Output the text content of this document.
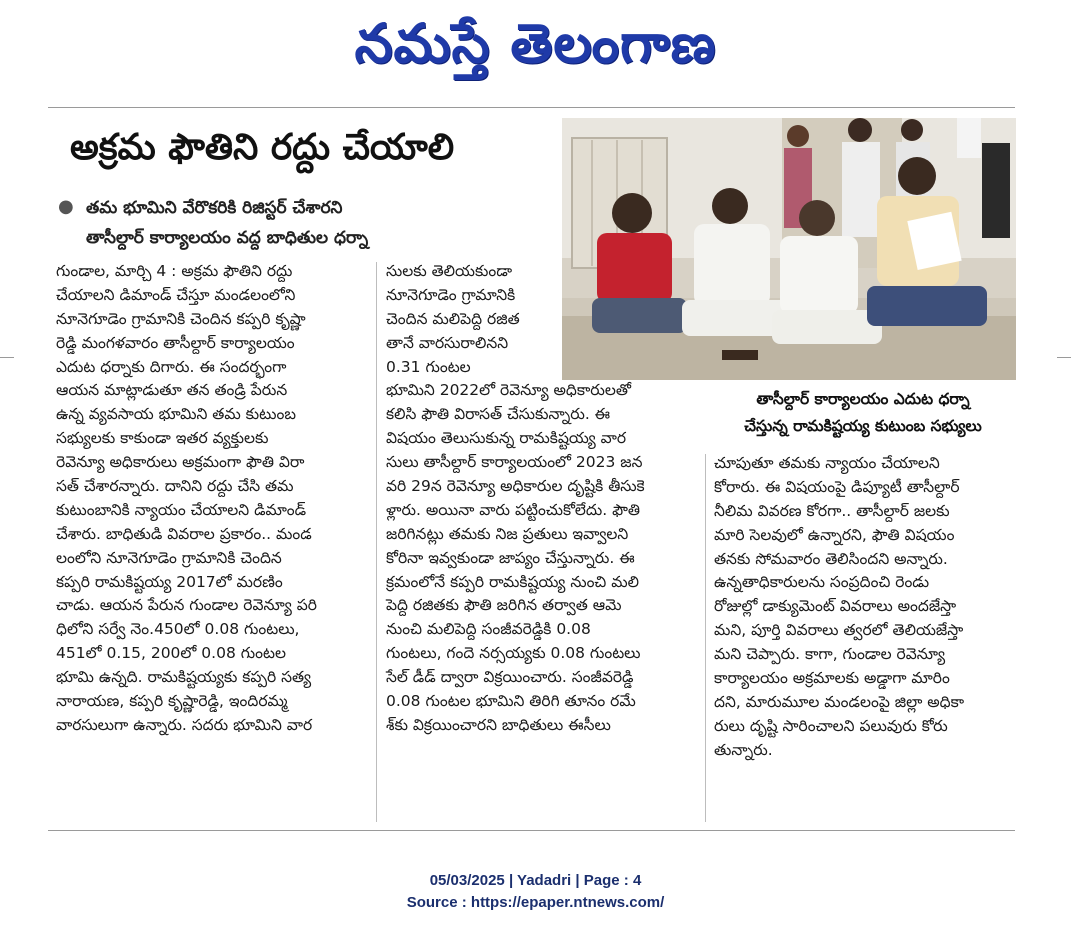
నమస్తే తెలంగాణ
అక్రమ ఫౌతిని రద్దు చేయాలి
● తమ భూమిని వేరొకరికి రిజిస్టర్ చేశారని
తాసీల్దార్ కార్యాలయం వద్ద బాధితుల ధర్నా
తాసీల్దార్ కార్యాలయం ఎదుట ధర్నా
చేస్తున్న రామకిష్టయ్య కుటుంబ సభ్యులు
గుండాల, మార్చి 4 : అక్రమ ఫౌతిని రద్దు
చేయాలని డిమాండ్ చేస్తూ మండలంలోని
నూనెగూడెం గ్రామానికి చెందిన కప్పరి కృష్ణా
రెడ్డి మంగళవారం తాసీల్దార్ కార్యాలయం
ఎదుట ధర్నాకు దిగారు. ఈ సందర్భంగా
ఆయన మాట్లాడుతూ తన తండ్రి పేరున
ఉన్న వ్యవసాయ భూమిని తమ కుటుంబ
సభ్యులకు కాకుండా ఇతర వ్యక్తులకు
రెవెన్యూ అధికారులు అక్రమంగా ఫౌతి విరా
సత్ చేశారన్నారు. దానిని రద్దు చేసి తమ
కుటుంబానికి న్యాయం చేయాలని డిమాండ్
చేశారు. బాధితుడి వివరాల ప్రకారం.. మండ
లంలోని నూనెగూడెం గ్రామానికి చెందిన
కప్పరి రామకిష్టయ్య 2017లో మరణిం
చాడు. ఆయన పేరున గుండాల రెవెన్యూ పరి
ధిలోని సర్వే నెం.450లో 0.08 గుంటలు,
451లో 0.15, 200లో 0.08 గుంటల
భూమి ఉన్నది. రామకిష్టయ్యకు కప్పరి సత్య
నారాయణ, కప్పరి కృష్ణారెడ్డి, ఇందిరమ్మ
వారసులుగా ఉన్నారు. సదరు భూమిని వార
సులకు తెలియకుండా
నూనెగూడెం గ్రామానికి
చెందిన మలిపెద్ది రజిత
తానే వారసురాలినని
0.31 గుంటల
భూమిని 2022లో రెవెన్యూ అధికారులతో
కలిసి ఫౌతి విరాసత్ చేసుకున్నారు. ఈ
విషయం తెలుసుకున్న రామకిష్టయ్య వార
సులు తాసీల్దార్ కార్యాలయంలో 2023 జన
వరి 29న రెవెన్యూ అధికారుల దృష్టికి తీసుకె
ళ్లారు. అయినా వారు పట్టించుకోలేదు. ఫౌతి
జరిగినట్లు తమకు నిజ ప్రతులు ఇవ్వాలని
కోరినా ఇవ్వకుండా జాప్యం చేస్తున్నారు. ఈ
క్రమంలోనే కప్పరి రామకిష్టయ్య నుంచి మలి
పెద్ది రజితకు ఫౌతి జరిగిన తర్వాత ఆమె
నుంచి మలిపెద్ది సంజీవరెడ్డికి 0.08
గుంటలు, గందె నర్సయ్యకు 0.08 గుంటలు
సేల్ డీడ్ ద్వారా విక్రయించారు. సంజీవరెడ్డి
0.08 గుంటల భూమిని తిరిగి తూనం రమే
శ్‌కు విక్రయించారని బాధితులు ఈసీలు
చూపుతూ తమకు న్యాయం చేయాలని
కోరారు. ఈ విషయంపై డిప్యూటీ తాసీల్దార్
నీలిమ వివరణ కోరగా.. తాసీల్దార్ జలకు
మారి సెలవులో ఉన్నారని, ఫౌతి విషయం
తనకు సోమవారం తెలిసిందని అన్నారు.
ఉన్నతాధికారులను సంప్రదించి రెండు
రోజుల్లో డాక్యుమెంట్ వివరాలు అందజేస్తా
మని, పూర్తి వివరాలు త్వరలో తెలియజేస్తా
మని చెప్పారు. కాగా, గుండాల రెవెన్యూ
కార్యాలయం అక్రమాలకు అడ్డాగా మారిం
దని, మారుమూల మండలంపై జిల్లా అధికా
రులు దృష్టి సారించాలని పలువురు కోరు
తున్నారు.
05/03/2025 | Yadadri | Page : 4
Source : https://epaper.ntnews.com/
